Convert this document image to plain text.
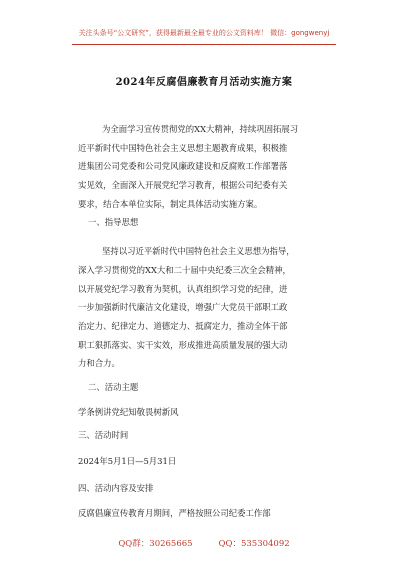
关注头条号“公文研究”，获得最新最全最专业的公文资料库！ 微信：gongwenyj
2024年反腐倡廉教育月活动实施方案
为全面学习宣传贯彻党的XX大精神，持续巩固拓展习
近平新时代中国特色社会主义思想主题教育成果，积极推
进集团公司党委和公司党风廉政建设和反腐败工作部署落
实见效，全面深入开展党纪学习教育，根据公司纪委有关
要求，结合本单位实际，制定具体活动实施方案。
一、指导思想
坚持以习近平新时代中国特色社会主义思想为指导，
深入学习贯彻党的XX大和二十届中央纪委三次全会精神，
以开展党纪学习教育为契机，认真组织学习党的纪律，进
一步加强新时代廉洁文化建设，增强广大党员干部职工政
治定力、纪律定力、道德定力、抵腐定力，推动全体干部
职工狠抓落实、实干实效，形成推进高质量发展的强大动
力和合力。
二、活动主题
学条例讲党纪知敬畏树新风
三、活动时间
2024年5月1日—5月31日
四、活动内容及安排
反腐倡廉宣传教育月期间，严格按照公司纪委工作部
QQ群：30265665	QQ：535304092
